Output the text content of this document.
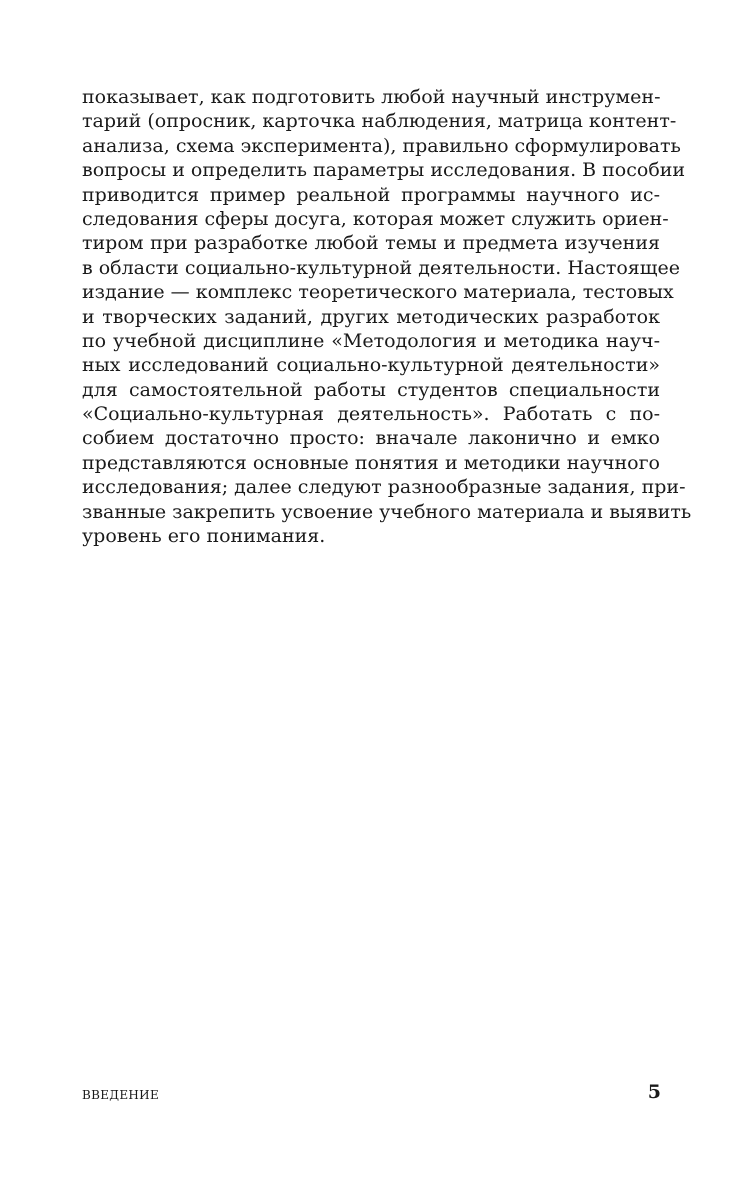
показывает, как подготовить любой научный инструмен-
тарий (опросник, карточка наблюдения, матрица контент-
анализа, схема эксперимента), правильно сформулировать
вопросы и определить параметры исследования. В пособии
приводится пример реальной программы научного ис-
следования сферы досуга, которая может служить ориен-
тиром при разработке любой темы и предмета изучения
в области социально-культурной деятельности. Настоящее
издание — комплекс теоретического материала, тестовых
и творческих заданий, других методических разработок
по учебной дисциплине «Методология и методика науч-
ных исследований социально-культурной деятельности»
для самостоятельной работы студентов специальности
«Социально-культурная деятельность». Работать с по-
собием достаточно просто: вначале лаконично и емко
представляются основные понятия и методики научного
исследования; далее следуют разнообразные задания, при-
званные закрепить усвоение учебного материала и выявить
уровень его понимания.
ВВЕДЕНИЕ	5
